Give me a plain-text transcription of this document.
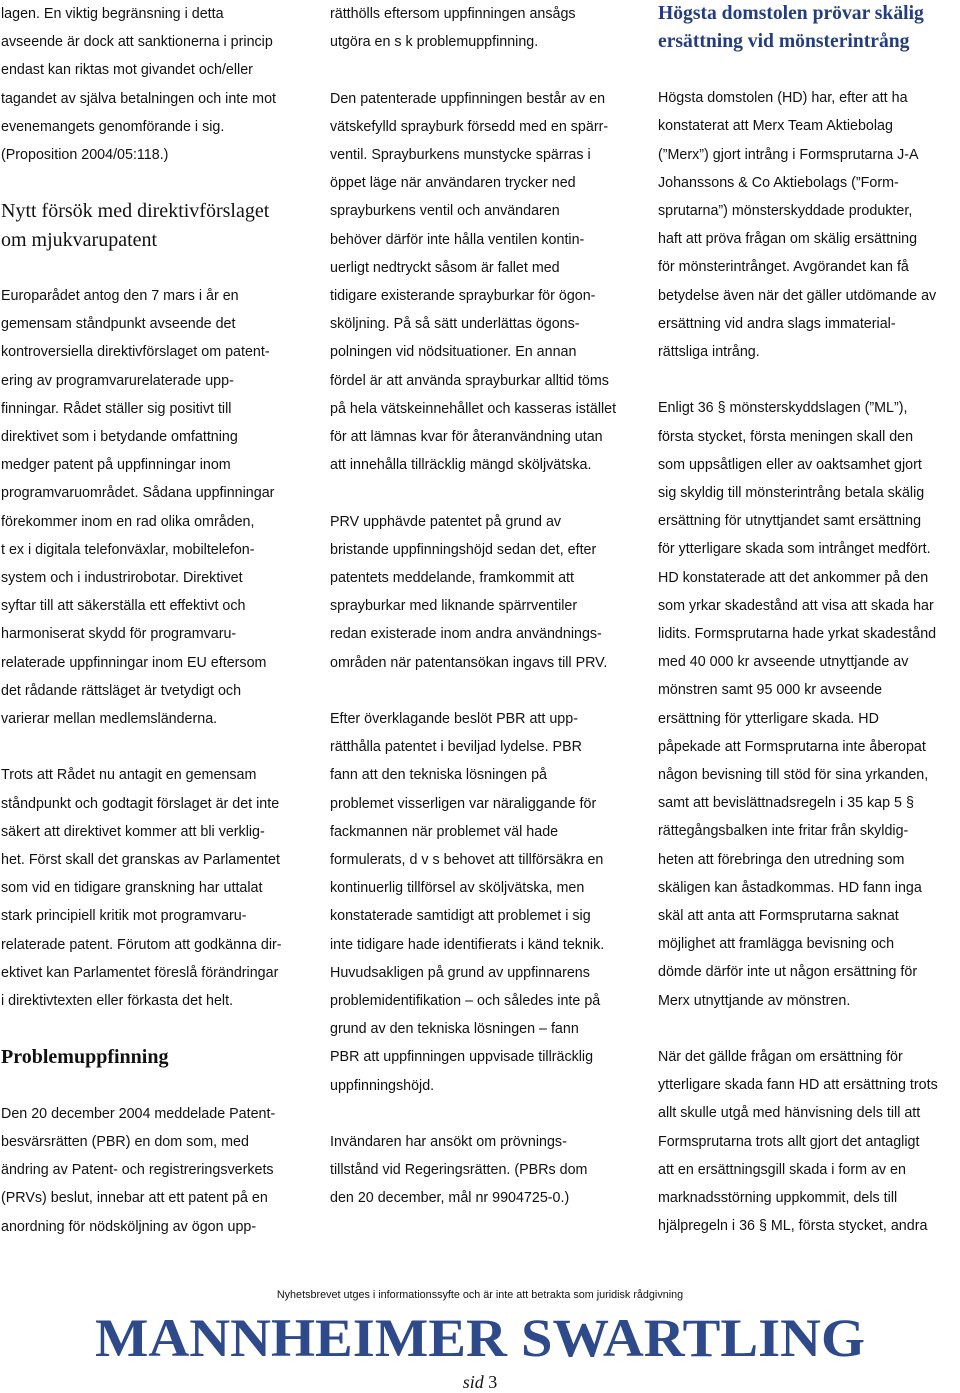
lagen. En viktig begränsning i detta
avseende är dock att sanktionerna i princip
endast kan riktas mot givandet och/eller
tagandet av själva betalningen och inte mot
evenemangets genomförande i sig.
(Proposition 2004/05:118.)

Nytt försök med direktivförslaget
om mjukvarupatent

Europarådet antog den 7 mars i år en
gemensam ståndpunkt avseende det
kontroversiella direktivförslaget om patent-
ering av programvarurelaterade upp-
finningar. Rådet ställer sig positivt till
direktivet som i betydande omfattning
medger patent på uppfinningar inom
programvaruområdet. Sådana uppfinningar
förekommer inom en rad olika områden,
t ex i digitala telefonväxlar, mobiltelefon-
system och i industrirobotar. Direktivet
syftar till att säkerställa ett effektivt och
harmoniserat skydd för programvaru-
relaterade uppfinningar inom EU eftersom
det rådande rättsläget är tvetydigt och
varierar mellan medlemsländerna.

Trots att Rådet nu antagit en gemensam
ståndpunkt och godtagit förslaget är det inte
säkert att direktivet kommer att bli verklig-
het. Först skall det granskas av Parlamentet
som vid en tidigare granskning har uttalat
stark principiell kritik mot programvaru-
relaterade patent. Förutom att godkänna dir-
ektivet kan Parlamentet föreslå förändringar
i direktivtexten eller förkasta det helt.

Problemuppfinning

Den 20 december 2004 meddelade Patent-
besvärsrätten (PBR) en dom som, med
ändring av Patent- och registreringsverkets
(PRVs) beslut, innebar att ett patent på en
anordning för nödsköljning av ögon upp-

rätthölls eftersom uppfinningen ansågs
utgöra en s k problemuppfinning.

Den patenterade uppfinningen består av en
vätskefylld sprayburk försedd med en spärr-
ventil. Sprayburkens munstycke spärras i
öppet läge när användaren trycker ned
sprayburkens ventil och användaren
behöver därför inte hålla ventilen kontin-
uerligt nedtryckt såsom är fallet med
tidigare existerande sprayburkar för ögon-
sköljning. På så sätt underlättas ögons-
polningen vid nödsituationer. En annan
fördel är att använda sprayburkar alltid töms
på hela vätskeinnehållet och kasseras istället
för att lämnas kvar för återanvändning utan
att innehålla tillräcklig mängd sköljvätska.

PRV upphävde patentet på grund av
bristande uppfinningshöjd sedan det, efter
patentets meddelande, framkommit att
sprayburkar med liknande spärrventiler
redan existerade inom andra användnings-
områden när patentansökan ingavs till PRV.

Efter överklagande beslöt PBR att upp-
rätthålla patentet i beviljad lydelse. PBR
fann att den tekniska lösningen på
problemet visserligen var näraliggande för
fackmannen när problemet väl hade
formulerats, d v s behovet att tillförsäkra en
kontinuerlig tillförsel av sköljvätska, men
konstaterade samtidigt att problemet i sig
inte tidigare hade identifierats i känd teknik.
Huvudsakligen på grund av uppfinnarens
problemidentifikation – och således inte på
grund av den tekniska lösningen – fann
PBR att uppfinningen uppvisade tillräcklig
uppfinningshöjd.

Invändaren har ansökt om prövnings-
tillstånd vid Regeringsrätten. (PBRs dom
den 20 december, mål nr 9904725-0.)

Högsta domstolen prövar skälig
ersättning vid mönsterintrång

Högsta domstolen (HD) har, efter att ha
konstaterat att Merx Team Aktiebolag
(”Merx”) gjort intrång i Formsprutarna J-A
Johanssons & Co Aktiebolags (”Form-
sprutarna”) mönsterskyddade produkter,
haft att pröva frågan om skälig ersättning
för mönsterintrånget. Avgörandet kan få
betydelse även när det gäller utdömande av
ersättning vid andra slags immaterial-
rättsliga intrång.

Enligt 36 § mönsterskyddslagen (”ML”),
första stycket, första meningen skall den
som uppsåtligen eller av oaktsamhet gjort
sig skyldig till mönsterintrång betala skälig
ersättning för utnyttjandet samt ersättning
för ytterligare skada som intrånget medfört.
HD konstaterade att det ankommer på den
som yrkar skadestånd att visa att skada har
lidits. Formsprutarna hade yrkat skadestånd
med 40 000 kr avseende utnyttjande av
mönstren samt 95 000 kr avseende
ersättning för ytterligare skada. HD
påpekade att Formsprutarna inte åberopat
någon bevisning till stöd för sina yrkanden,
samt att bevislättnadsregeln i 35 kap 5 §
rättegångsbalken inte fritar från skyldig-
heten att förebringa den utredning som
skäligen kan åstadkommas. HD fann inga
skäl att anta att Formsprutarna saknat
möjlighet att framlägga bevisning och
dömde därför inte ut någon ersättning för
Merx utnyttjande av mönstren.

När det gällde frågan om ersättning för
ytterligare skada fann HD att ersättning trots
allt skulle utgå med hänvisning dels till att
Formsprutarna trots allt gjort det antagligt
att en ersättningsgill skada i form av en
marknadsstörning uppkommit, dels till
hjälpregeln i 36 § ML, första stycket, andra

Nyhetsbrevet utges i informationssyfte och är inte att betrakta som juridisk rådgivning
MANNHEIMER SWARTLING
sid 3
